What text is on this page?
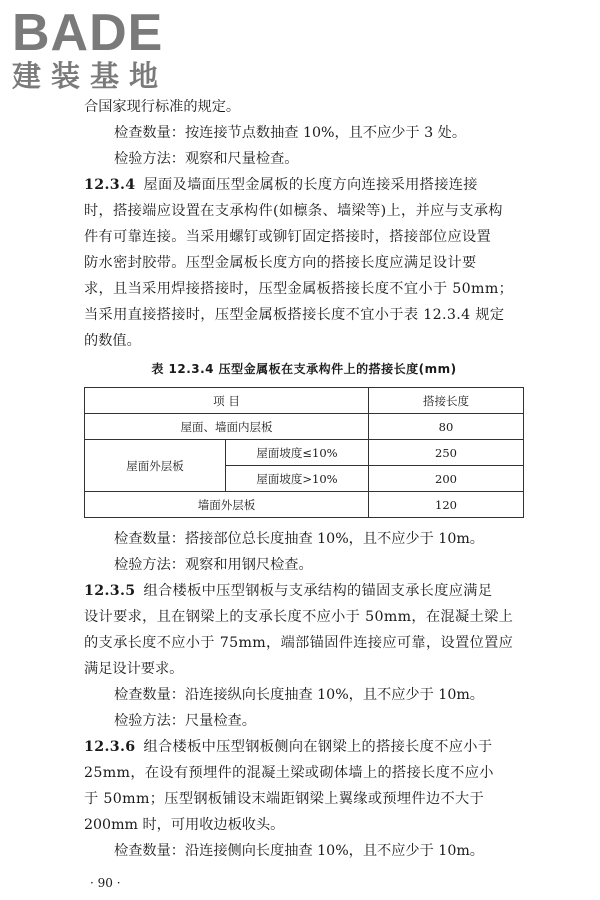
BADE
建装基地
合国家现行标准的规定。
检查数量：按连接节点数抽查 10%，且不应少于 3 处。
检验方法：观察和尺量检查。
12.3.4 屋面及墙面压型金属板的长度方向连接采用搭接连接
时，搭接端应设置在支承构件(如檩条、墙梁等)上，并应与支承构
件有可靠连接。当采用螺钉或铆钉固定搭接时，搭接部位应设置
防水密封胶带。压型金属板长度方向的搭接长度应满足设计要
求，且当采用焊接搭接时，压型金属板搭接长度不宜小于 50mm；
当采用直接搭接时，压型金属板搭接长度不宜小于表 12.3.4 规定
的数值。
表 12.3.4 压型金属板在支承构件上的搭接长度(mm)
项 目		搭接长度
屋面、墙面内层板		80
屋面外层板	屋面坡度≤10%	250
	屋面坡度>10%	200
墙面外层板		120
检查数量：搭接部位总长度抽查 10%，且不应少于 10m。
检验方法：观察和用钢尺检查。
12.3.5 组合楼板中压型钢板与支承结构的锚固支承长度应满足
设计要求，且在钢梁上的支承长度不应小于 50mm，在混凝土梁上
的支承长度不应小于 75mm，端部锚固件连接应可靠，设置位置应
满足设计要求。
检查数量：沿连接纵向长度抽查 10%，且不应少于 10m。
检验方法：尺量检查。
12.3.6 组合楼板中压型钢板侧向在钢梁上的搭接长度不应小于
25mm，在设有预埋件的混凝土梁或砌体墙上的搭接长度不应小
于 50mm；压型钢板铺设末端距钢梁上翼缘或预埋件边不大于
200mm 时，可用收边板收头。
检查数量：沿连接侧向长度抽查 10%，且不应少于 10m。
· 90 ·
